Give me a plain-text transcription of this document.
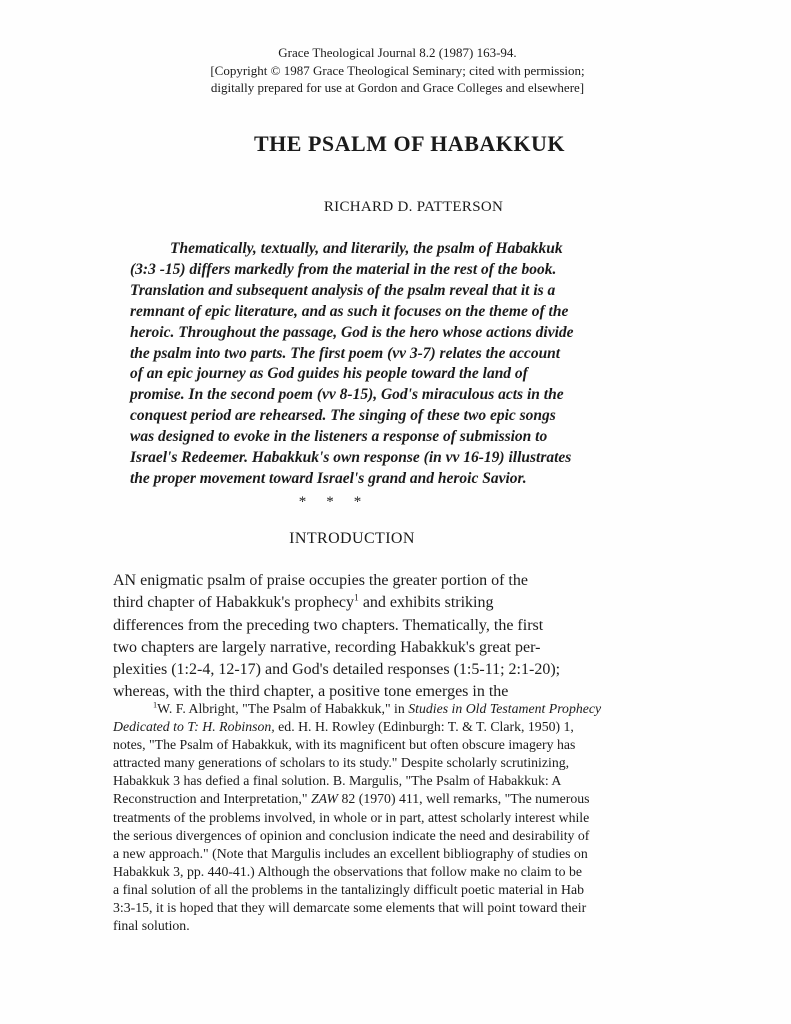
Grace Theological Journal 8.2 (1987) 163-94.
[Copyright © 1987 Grace Theological Seminary; cited with permission;
digitally prepared for use at Gordon and Grace Colleges and elsewhere]
THE PSALM OF HABAKKUK
RICHARD D. PATTERSON
Thematically, textually, and literarily, the psalm of Habakkuk
(3:3 -15) differs markedly from the material in the rest of the book.
Translation and subsequent analysis of the psalm reveal that it is a
remnant of epic literature, and as such it focuses on the theme of the
heroic. Throughout the passage, God is the hero whose actions divide
the psalm into two parts. The first poem (vv 3-7) relates the account
of an epic journey as God guides his people toward the land of
promise. In the second poem (vv 8-15), God's miraculous acts in the
conquest period are rehearsed. The singing of these two epic songs
was designed to evoke in the listeners a response of submission to
Israel's Redeemer. Habakkuk's own response (in vv 16-19) illustrates
the proper movement toward Israel's grand and heroic Savior.
* * *
INTRODUCTION
AN enigmatic psalm of praise occupies the greater portion of the
third chapter of Habakkuk's prophecy$^1$ and exhibits striking
differences from the preceding two chapters. Thematically, the first
two chapters are largely narrative, recording Habakkuk's great per-
plexities (1:2-4, 12-17) and God's detailed responses (1:5-11; 2:1-20);
whereas, with the third chapter, a positive tone emerges in the
$^1$W. F. Albright, "The Psalm of Habakkuk," in Studies in Old Testament Prophecy
Dedicated to T: H. Robinson, ed. H. H. Rowley (Edinburgh: T. & T. Clark, 1950) 1,
notes, "The Psalm of Habakkuk, with its magnificent but often obscure imagery has
attracted many generations of scholars to its study." Despite scholarly scrutinizing,
Habakkuk 3 has defied a final solution. B. Margulis, "The Psalm of Habakkuk: A
Reconstruction and Interpretation," ZAW 82 (1970) 411, well remarks, "The numerous
treatments of the problems involved, in whole or in part, attest scholarly interest while
the serious divergences of opinion and conclusion indicate the need and desirability of
a new approach." (Note that Margulis includes an excellent bibliography of studies on
Habakkuk 3, pp. 440-41.) Although the observations that follow make no claim to be
a final solution of all the problems in the tantalizingly difficult poetic material in Hab
3:3-15, it is hoped that they will demarcate some elements that will point toward their
final solution.
